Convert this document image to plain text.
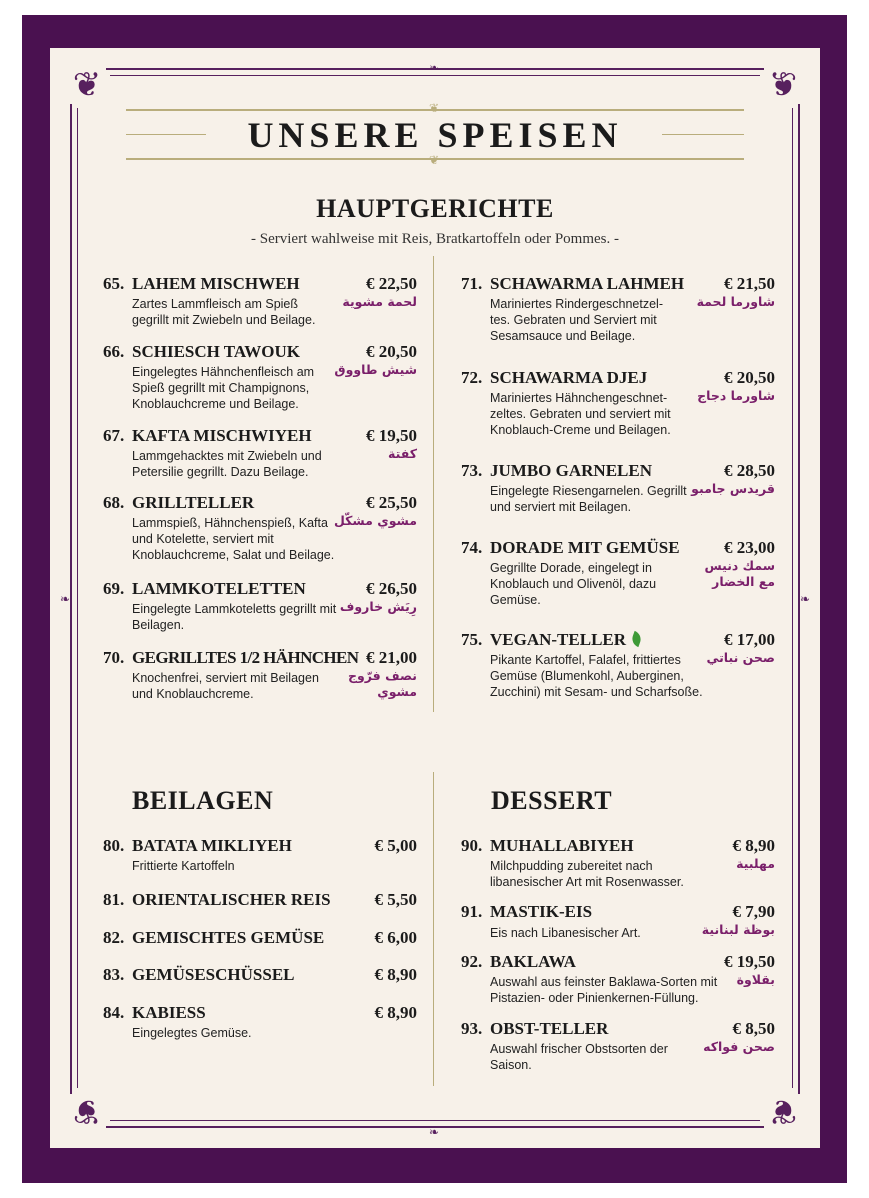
❦	❦
❦	❦
❧
❧
❧	❧
❦
❦
UNSERE SPEISEN
HAUPTGERICHTE
- Serviert wahlweise mit Reis, Bratkartoffeln oder Pommes. -
65. LAHEM MISCHWEH	€ 22,50
Zartes Lammfleisch am Spieß gegrillt mit Zwiebeln und Beilage.
لحمة مشوية
66. SCHIESCH TAWOUK	€ 20,50
Eingelegtes Hähnchenfleisch am Spieß gegrillt mit Champignons, Knoblauchcreme und Beilage.
شيش طاووق
67. KAFTA MISCHWIYEH	€ 19,50
Lammgehacktes mit Zwiebeln und Petersilie gegrillt. Dazu Beilage.
كفتة
68. GRILLTELLER	€ 25,50
Lammspieß, Hähnchenspieß, Kafta und Kotelette, serviert mit Knoblauchcreme, Salat und Beilage.
مشوي مشكّل
69. LAMMKOTELETTEN	€ 26,50
Eingelegte Lammkoteletts gegrillt mit Beilagen.
رِيَش خاروف
70. GEGRILLTES 1/2 HÄHNCHEN € 21,00
Knochenfrei, serviert mit Beilagen und Knoblauchcreme.
نصف فرّوج مشوي
71. SCHAWARMA LAHMEH € 21,50
Mariniertes Rindergeschnetzel-tes. Gebraten und Serviert mit Sesamsauce und Beilage.
شاورما لحمة
72. SCHAWARMA DJEJ	€ 20,50
Mariniertes Hähnchengeschnet-zeltes. Gebraten und serviert mit Knoblauch-Creme und Beilagen.
شاورما دجاج
73. JUMBO GARNELEN	€ 28,50
Eingelegte Riesengarnelen. Gegrillt und serviert mit Beilagen.
قريدس جامبو
74. DORADE MIT GEMÜSE	€ 23,00
Gegrillte Dorade, eingelegt in Knoblauch und Olivenöl, dazu Gemüse.
سمك دنيس مع الخضار
75. VEGAN-TELLER	€ 17,00
Pikante Kartoffel, Falafel, frittiertes Gemüse (Blumenkohl, Auberginen, Zucchini) mit Sesam- und Scharfsoße.
صحن نباتي
BEILAGEN
80. BATATA MIKLIYEH	€ 5,00
Frittierte Kartoffeln
81. ORIENTALISCHER REIS	€ 5,50
82. GEMISCHTES GEMÜSE	€ 6,00
83. GEMÜSESCHÜSSEL	€ 8,90
84. KABIESS	€ 8,90
Eingelegtes Gemüse.
DESSERT
90. MUHALLABIYEH	€ 8,90
Milchpudding zubereitet nach libanesischer Art mit Rosenwasser.
مهلبية
91. MASTIK-EIS	€ 7,90
Eis nach Libanesischer Art.	بوظة لبنانية
92. BAKLAWA	€ 19,50
Auswahl aus feinster Baklawa-Sorten mit Pistazien- oder Pinienkernen-Füllung.
بقلاوة
93. OBST-TELLER	€ 8,50
Auswahl frischer Obstsorten der Saison.
صحن فواكه
